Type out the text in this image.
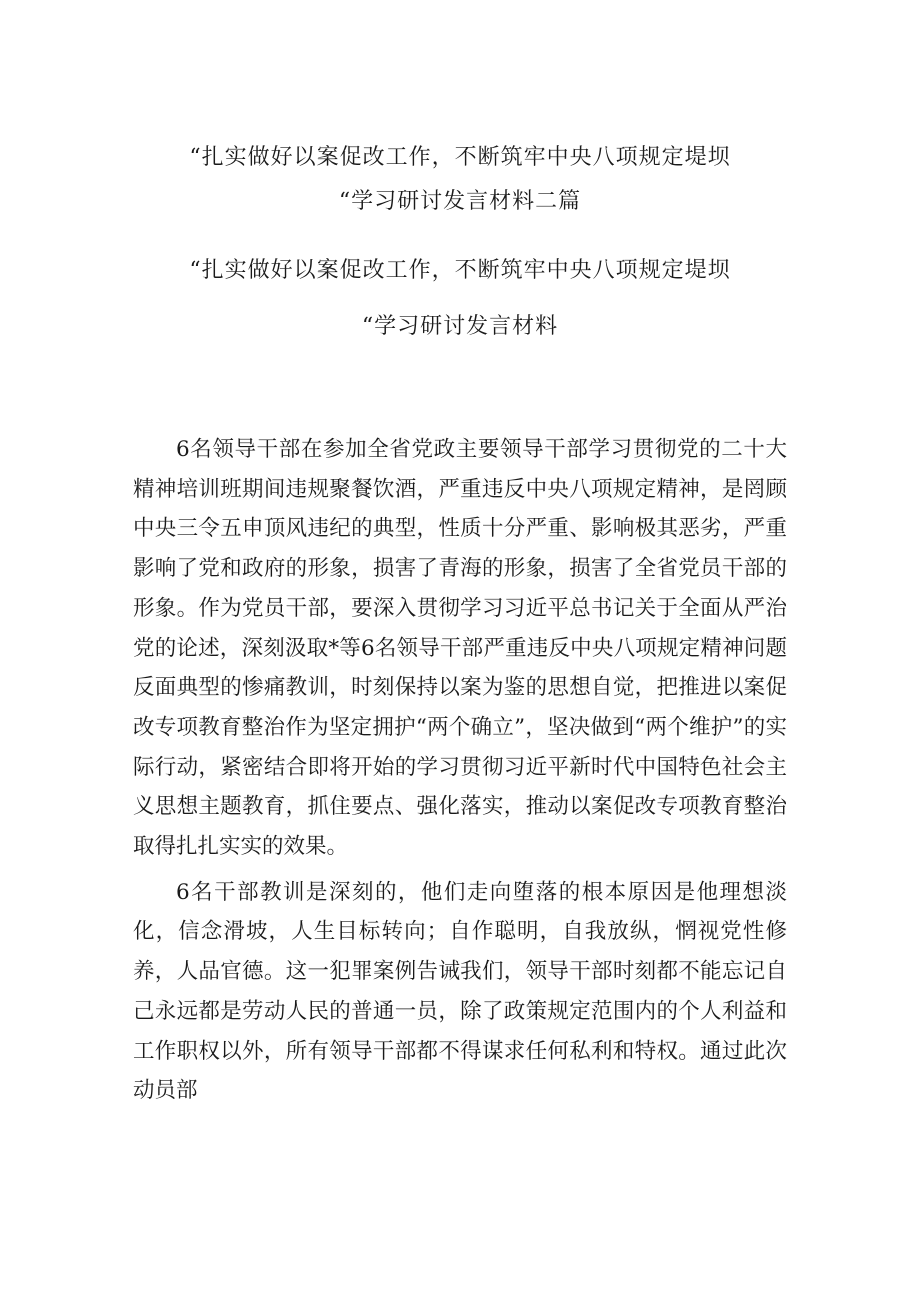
“扎实做好以案促改工作，不断筑牢中央八项规定堤坝
“学习研讨发言材料二篇
“扎实做好以案促改工作，不断筑牢中央八项规定堤坝
“学习研讨发言材料

6名领导干部在参加全省党政主要领导干部学习贯彻党的二十大精神培训班期间违规聚餐饮酒，严重违反中央八项规定精神，是罔顾中央三令五申顶风违纪的典型，性质十分严重、影响极其恶劣，严重影响了党和政府的形象，损害了青海的形象，损害了全省党员干部的形象。作为党员干部，要深入贯彻学习习近平总书记关于全面从严治党的论述，深刻汲取*等6名领导干部严重违反中央八项规定精神问题反面典型的惨痛教训，时刻保持以案为鉴的思想自觉，把推进以案促改专项教育整治作为坚定拥护“两个确立”，坚决做到“两个维护”的实际行动，紧密结合即将开始的学习贯彻习近平新时代中国特色社会主义思想主题教育，抓住要点、强化落实，推动以案促改专项教育整治取得扎扎实实的效果。

6名干部教训是深刻的，他们走向堕落的根本原因是他理想淡化，信念滑坡，人生目标转向；自作聪明，自我放纵，惘视党性修养，人品官德。这一犯罪案例告诫我们，领导干部时刻都不能忘记自己永远都是劳动人民的普通一员，除了政策规定范围内的个人利益和工作职权以外，所有领导干部都不得谋求任何私利和特权。通过此次动员部
